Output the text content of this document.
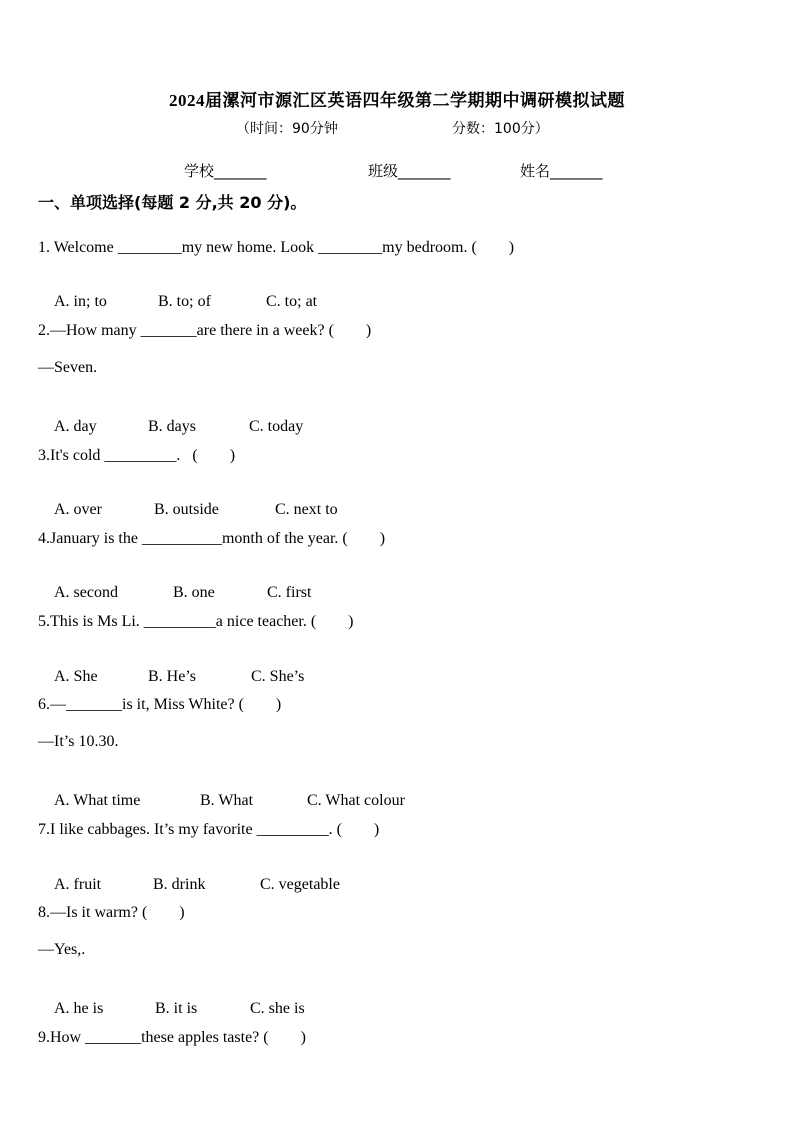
2024届漯河市源汇区英语四年级第二学期期中调研模拟试题
（时间：90分钟	分数：100分）
学校_______	班级_______	姓名_______
一、单项选择(每题 2 分,共 20 分)。
1. Welcome ________my new home. Look ________my bedroom. (　　)

A. in; to	B. to; of	C. to; at

2.—How many _______are there in a week? (　　)
—Seven.

A. day	B. days	C. today

3.It's cold _________.   (　　)

A. over	B. outside	C. next to

4.January is the __________month of the year. (　　)

A. second	B. one	C. first

5.This is Ms Li. _________a nice teacher. (　　)

A. She	B. He’s	C. She’s

6.—_______is it, Miss White? (　　)
—It’s 10.30.

A. What time	B. What	C. What colour

7.I like cabbages. It’s my favorite _________. (　　)

A. fruit	B. drink	C. vegetable

8.—Is it warm? (　　)
—Yes,.

A. he is	B. it is	C. she is

9.How _______these apples taste? (　　)
